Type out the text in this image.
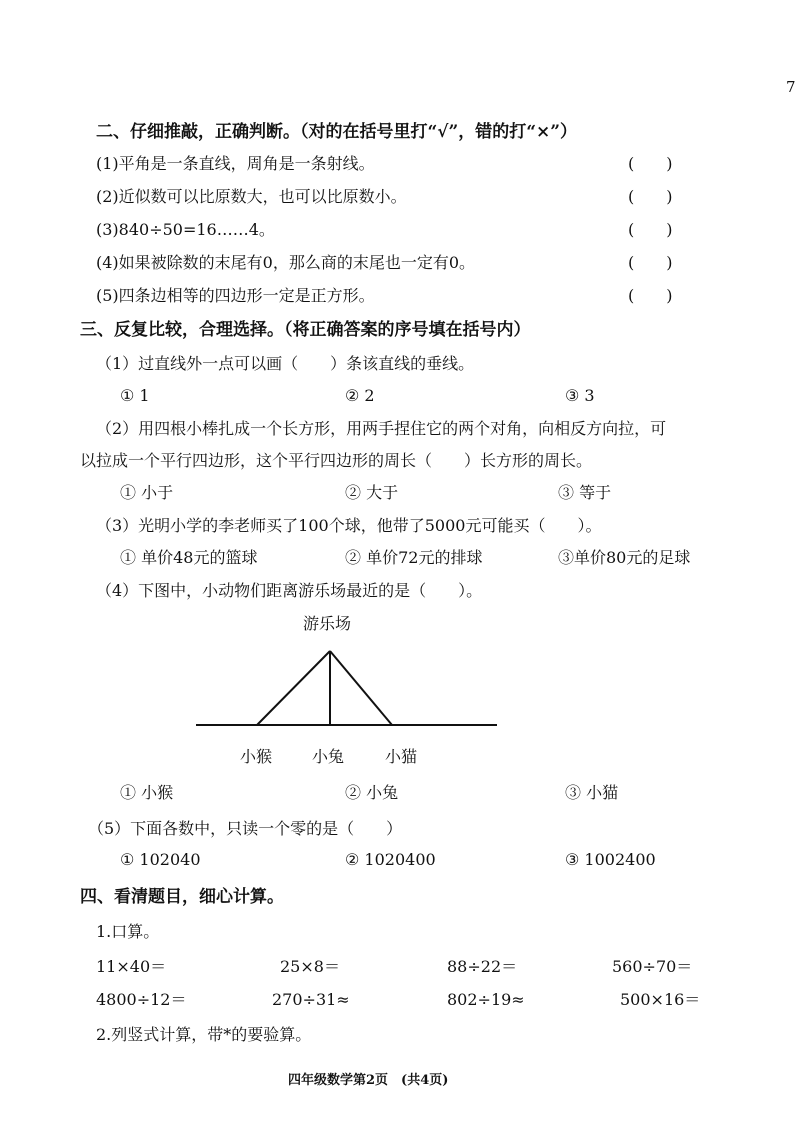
7
二、仔细推敲，正确判断。（对的在括号里打“√”，错的打“×”）
(1)平角是一条直线，周角是一条射线。	(　　)
(2)近似数可以比原数大，也可以比原数小。	(　　)
(3)840÷50=16……4。	(　　)
(4)如果被除数的末尾有0，那么商的末尾也一定有0。	(　　)
(5)四条边相等的四边形一定是正方形。	(　　)
三、反复比较，合理选择。（将正确答案的序号填在括号内）
（1）过直线外一点可以画（　　）条该直线的垂线。
① 1	② 2	③ 3
（2）用四根小棒扎成一个长方形，用两手捏住它的两个对角，向相反方向拉，可
以拉成一个平行四边形，这个平行四边形的周长（　　）长方形的周长。
① 小于	② 大于	③ 等于
（3）光明小学的李老师买了100个球，他带了5000元可能买（　　）。
① 单价48元的篮球	② 单价72元的排球	③单价80元的足球
（4）下图中，小动物们距离游乐场最近的是（　　）。
游乐场
小猴 小兔	小猫
① 小猴	② 小兔	③ 小猫
（5）下面各数中，只读一个零的是（　　）
① 102040	② 1020400	③ 1002400
四、看清题目，细心计算。
1.口算。
11×40＝	25×8＝	88÷22＝	560÷70＝
4800÷12＝	270÷31≈	802÷19≈	500×16＝
2.列竖式计算，带*的要验算。
四年级数学第2页　(共4页)
